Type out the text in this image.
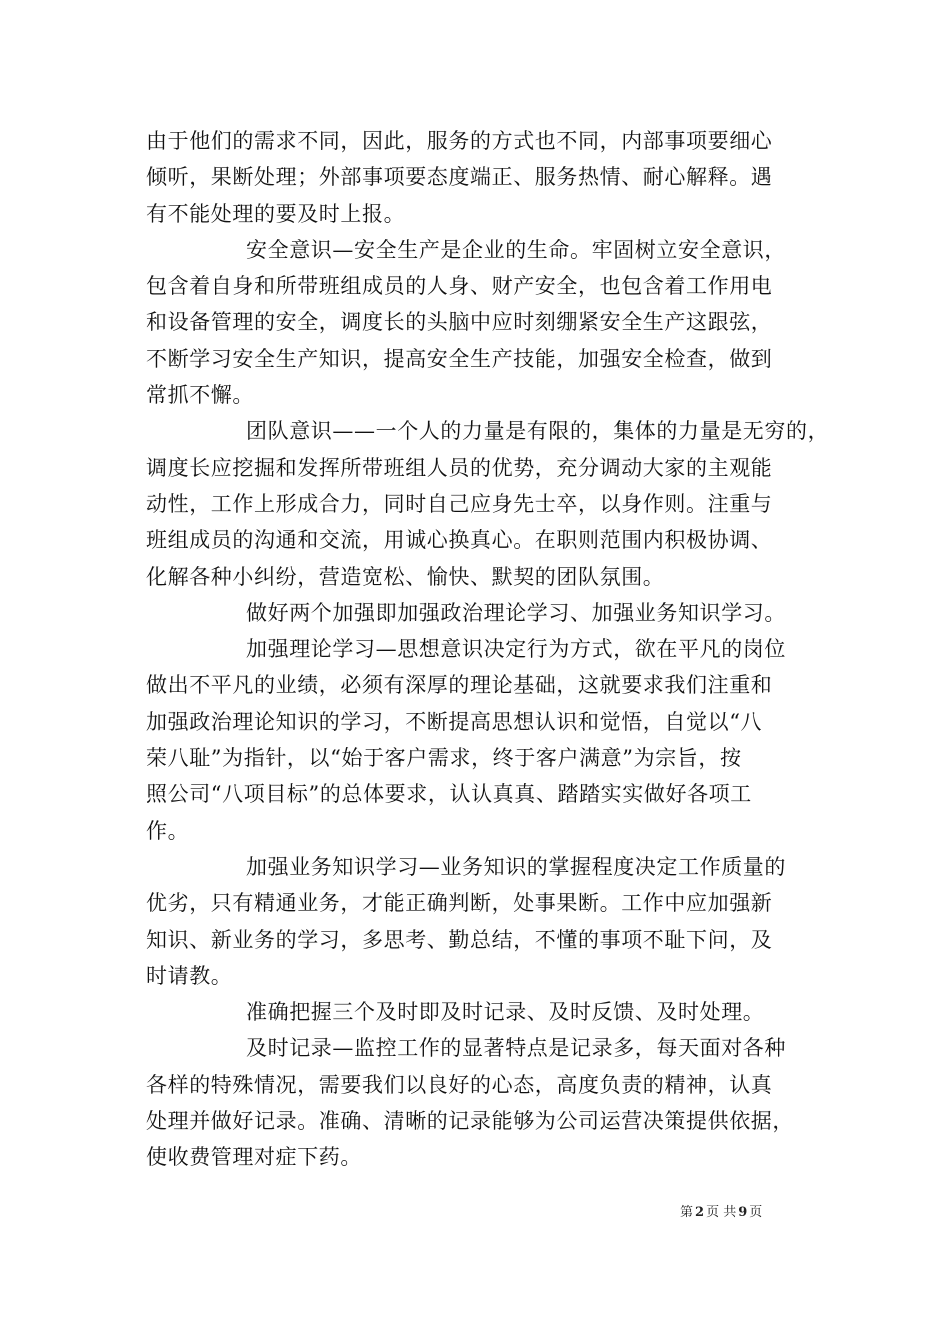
由于他们的需求不同，因此，服务的方式也不同，内部事项要细心
倾听，果断处理；外部事项要态度端正、服务热情、耐心解释。遇
有不能处理的要及时上报。
安全意识—安全生产是企业的生命。牢固树立安全意识，
包含着自身和所带班组成员的人身、财产安全，也包含着工作用电
和设备管理的安全，调度长的头脑中应时刻绷紧安全生产这跟弦，
不断学习安全生产知识，提高安全生产技能，加强安全检查，做到
常抓不懈。
团队意识——一个人的力量是有限的，集体的力量是无穷的，
调度长应挖掘和发挥所带班组人员的优势，充分调动大家的主观能
动性，工作上形成合力，同时自己应身先士卒，以身作则。注重与
班组成员的沟通和交流，用诚心换真心。在职则范围内积极协调、
化解各种小纠纷，营造宽松、愉快、默契的团队氛围。
做好两个加强即加强政治理论学习、加强业务知识学习。
加强理论学习—思想意识决定行为方式，欲在平凡的岗位
做出不平凡的业绩，必须有深厚的理论基础，这就要求我们注重和
加强政治理论知识的学习，不断提高思想认识和觉悟，自觉以“八
荣八耻”为指针，以“始于客户需求，终于客户满意”为宗旨，按
照公司“八项目标”的总体要求，认认真真、踏踏实实做好各项工
作。
加强业务知识学习—业务知识的掌握程度决定工作质量的
优劣，只有精通业务，才能正确判断，处事果断。工作中应加强新
知识、新业务的学习，多思考、勤总结，不懂的事项不耻下问，及
时请教。
准确把握三个及时即及时记录、及时反馈、及时处理。
及时记录—监控工作的显著特点是记录多，每天面对各种
各样的特殊情况，需要我们以良好的心态，高度负责的精神，认真
处理并做好记录。准确、清晰的记录能够为公司运营决策提供依据，
使收费管理对症下药。
第 2 页 共 9 页
